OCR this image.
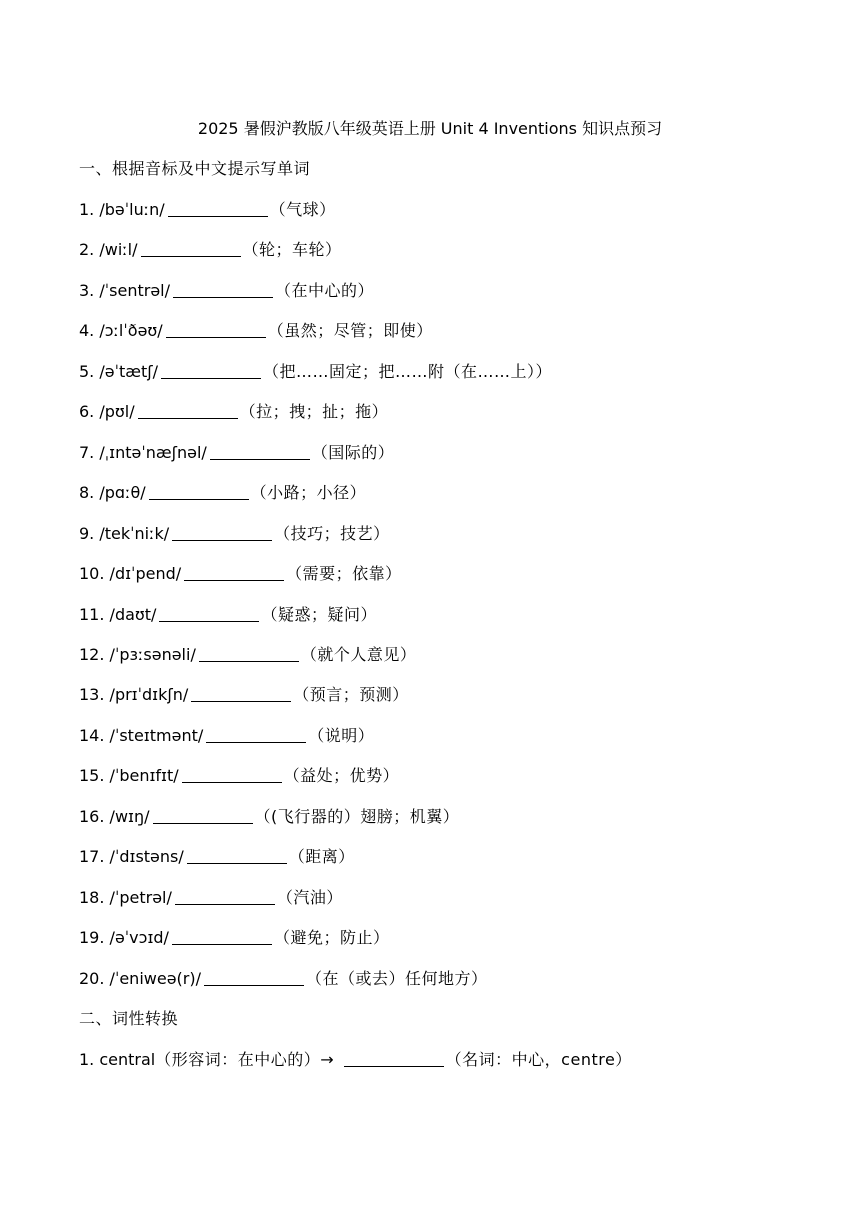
2025 暑假沪教版八年级英语上册 Unit 4 Inventions 知识点预习
一、根据音标及中文提示写单词
1. /bəˈluːn/	（气球）
2. /wiːl/	（轮；车轮）
3. /ˈsentrəl/	（在中心的）
4. /ɔːlˈðəʊ/	（虽然；尽管；即使）
5. /əˈtætʃ/	（把……固定；把……附（在……上））
6. /pʊl/	（拉；拽；扯；拖）
7. /ˌɪntəˈnæʃnəl/	（国际的）
8. /pɑːθ/	（小路；小径）
9. /tekˈniːk/	（技巧；技艺）
10. /dɪˈpend/	（需要；依靠）
11. /daʊt/	（疑惑；疑问）
12. /ˈpɜːsənəli/	（就个人意见）
13. /prɪˈdɪkʃn/	（预言；预测）
14. /ˈsteɪtmənt/	（说明）
15. /ˈbenɪfɪt/	（益处；优势）
16. /wɪŋ/	（(飞行器的）翅膀；机翼）
17. /ˈdɪstəns/	（距离）
18. /ˈpetrəl/	（汽油）
19. /əˈvɔɪd/	（避免；防止）
20. /ˈeniweə(r)/	（在（或去）任何地方）
二、词性转换
1. central（形容词：在中心的）→	（名词：中心，centre）
